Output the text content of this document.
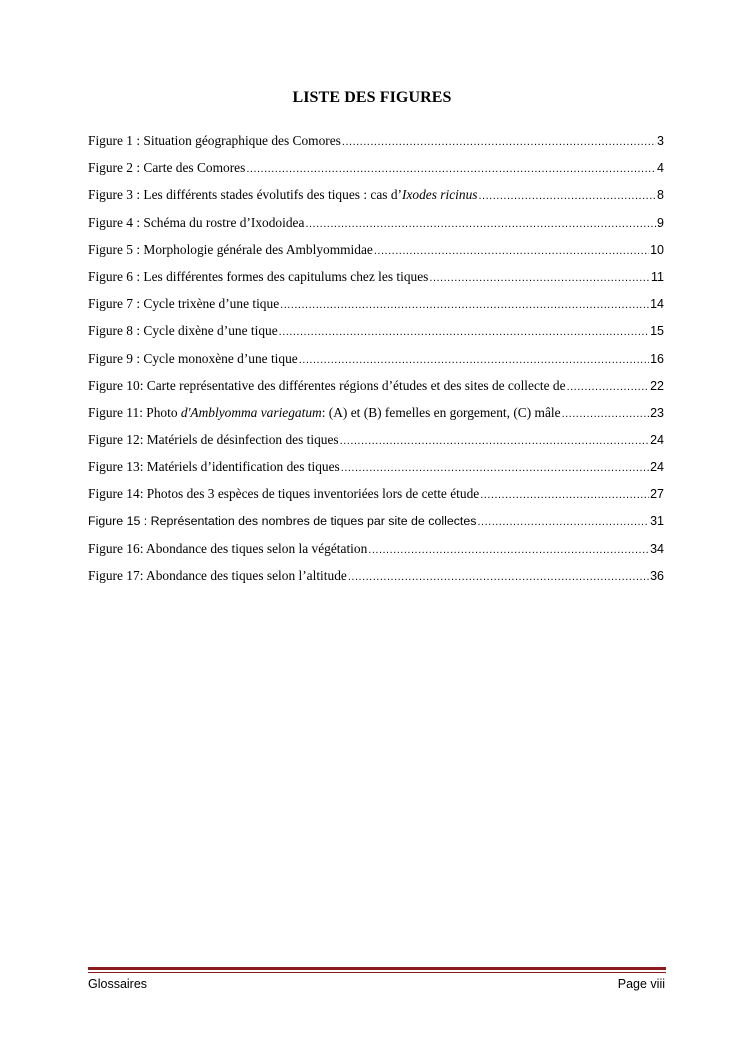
LISTE DES FIGURES
Figure 1 : Situation géographique des Comores .....	3
Figure 2 : Carte des Comores .....	4
Figure 3 : Les différents stades évolutifs des tiques : cas d’Ixodes ricinus .....	8
Figure 4 : Schéma du rostre d’Ixodoidea .....	9
Figure 5 : Morphologie générale des Amblyommidae .....	10
Figure 6 : Les différentes formes des capitulums chez les tiques .....	11
Figure 7 : Cycle trixène d’une tique .....	14
Figure 8 : Cycle dixène d’une tique .....	15
Figure 9 : Cycle monoxène d’une tique .....	16
Figure 10: Carte représentative des différentes régions d’études et des sites de collecte de .....	22
Figure 11: Photo d'Amblyomma variegatum: (A) et (B) femelles en gorgement, (C) mâle .....	23
Figure 12: Matériels de désinfection des tiques .....	24
Figure 13: Matériels d’identification des tiques .....	24
Figure 14: Photos des 3 espèces de tiques inventoriées lors de cette étude .....	27
Figure 15 : Représentation des nombres de tiques par site de collectes .....	31
Figure 16: Abondance des tiques selon la végétation .....	34
Figure 17: Abondance des tiques selon l’altitude .....	36
Glossaires	Page viii
